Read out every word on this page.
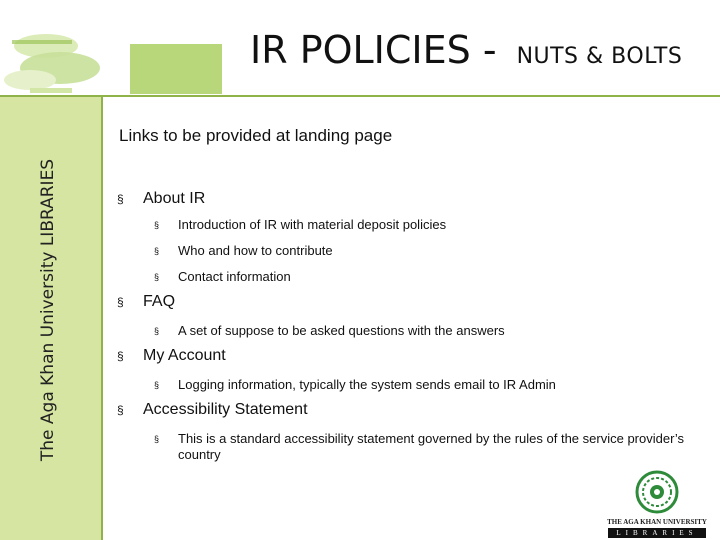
IR POLICIES - NUTS & BOLTS
The Aga Khan University LIBRARIES
Links to be provided at landing page
§ About IR
§ Introduction of IR with material deposit policies
§ Who and how to contribute
§ Contact information
§ FAQ
§ A set of suppose to be asked questions with the answers
§ My Account
§ Logging information, typically the system sends email to IR Admin
§ Accessibility Statement
§ This is a standard accessibility statement governed by the rules of the service provider’s country
THE AGA KHAN UNIVERSITY
LIBRARIES
